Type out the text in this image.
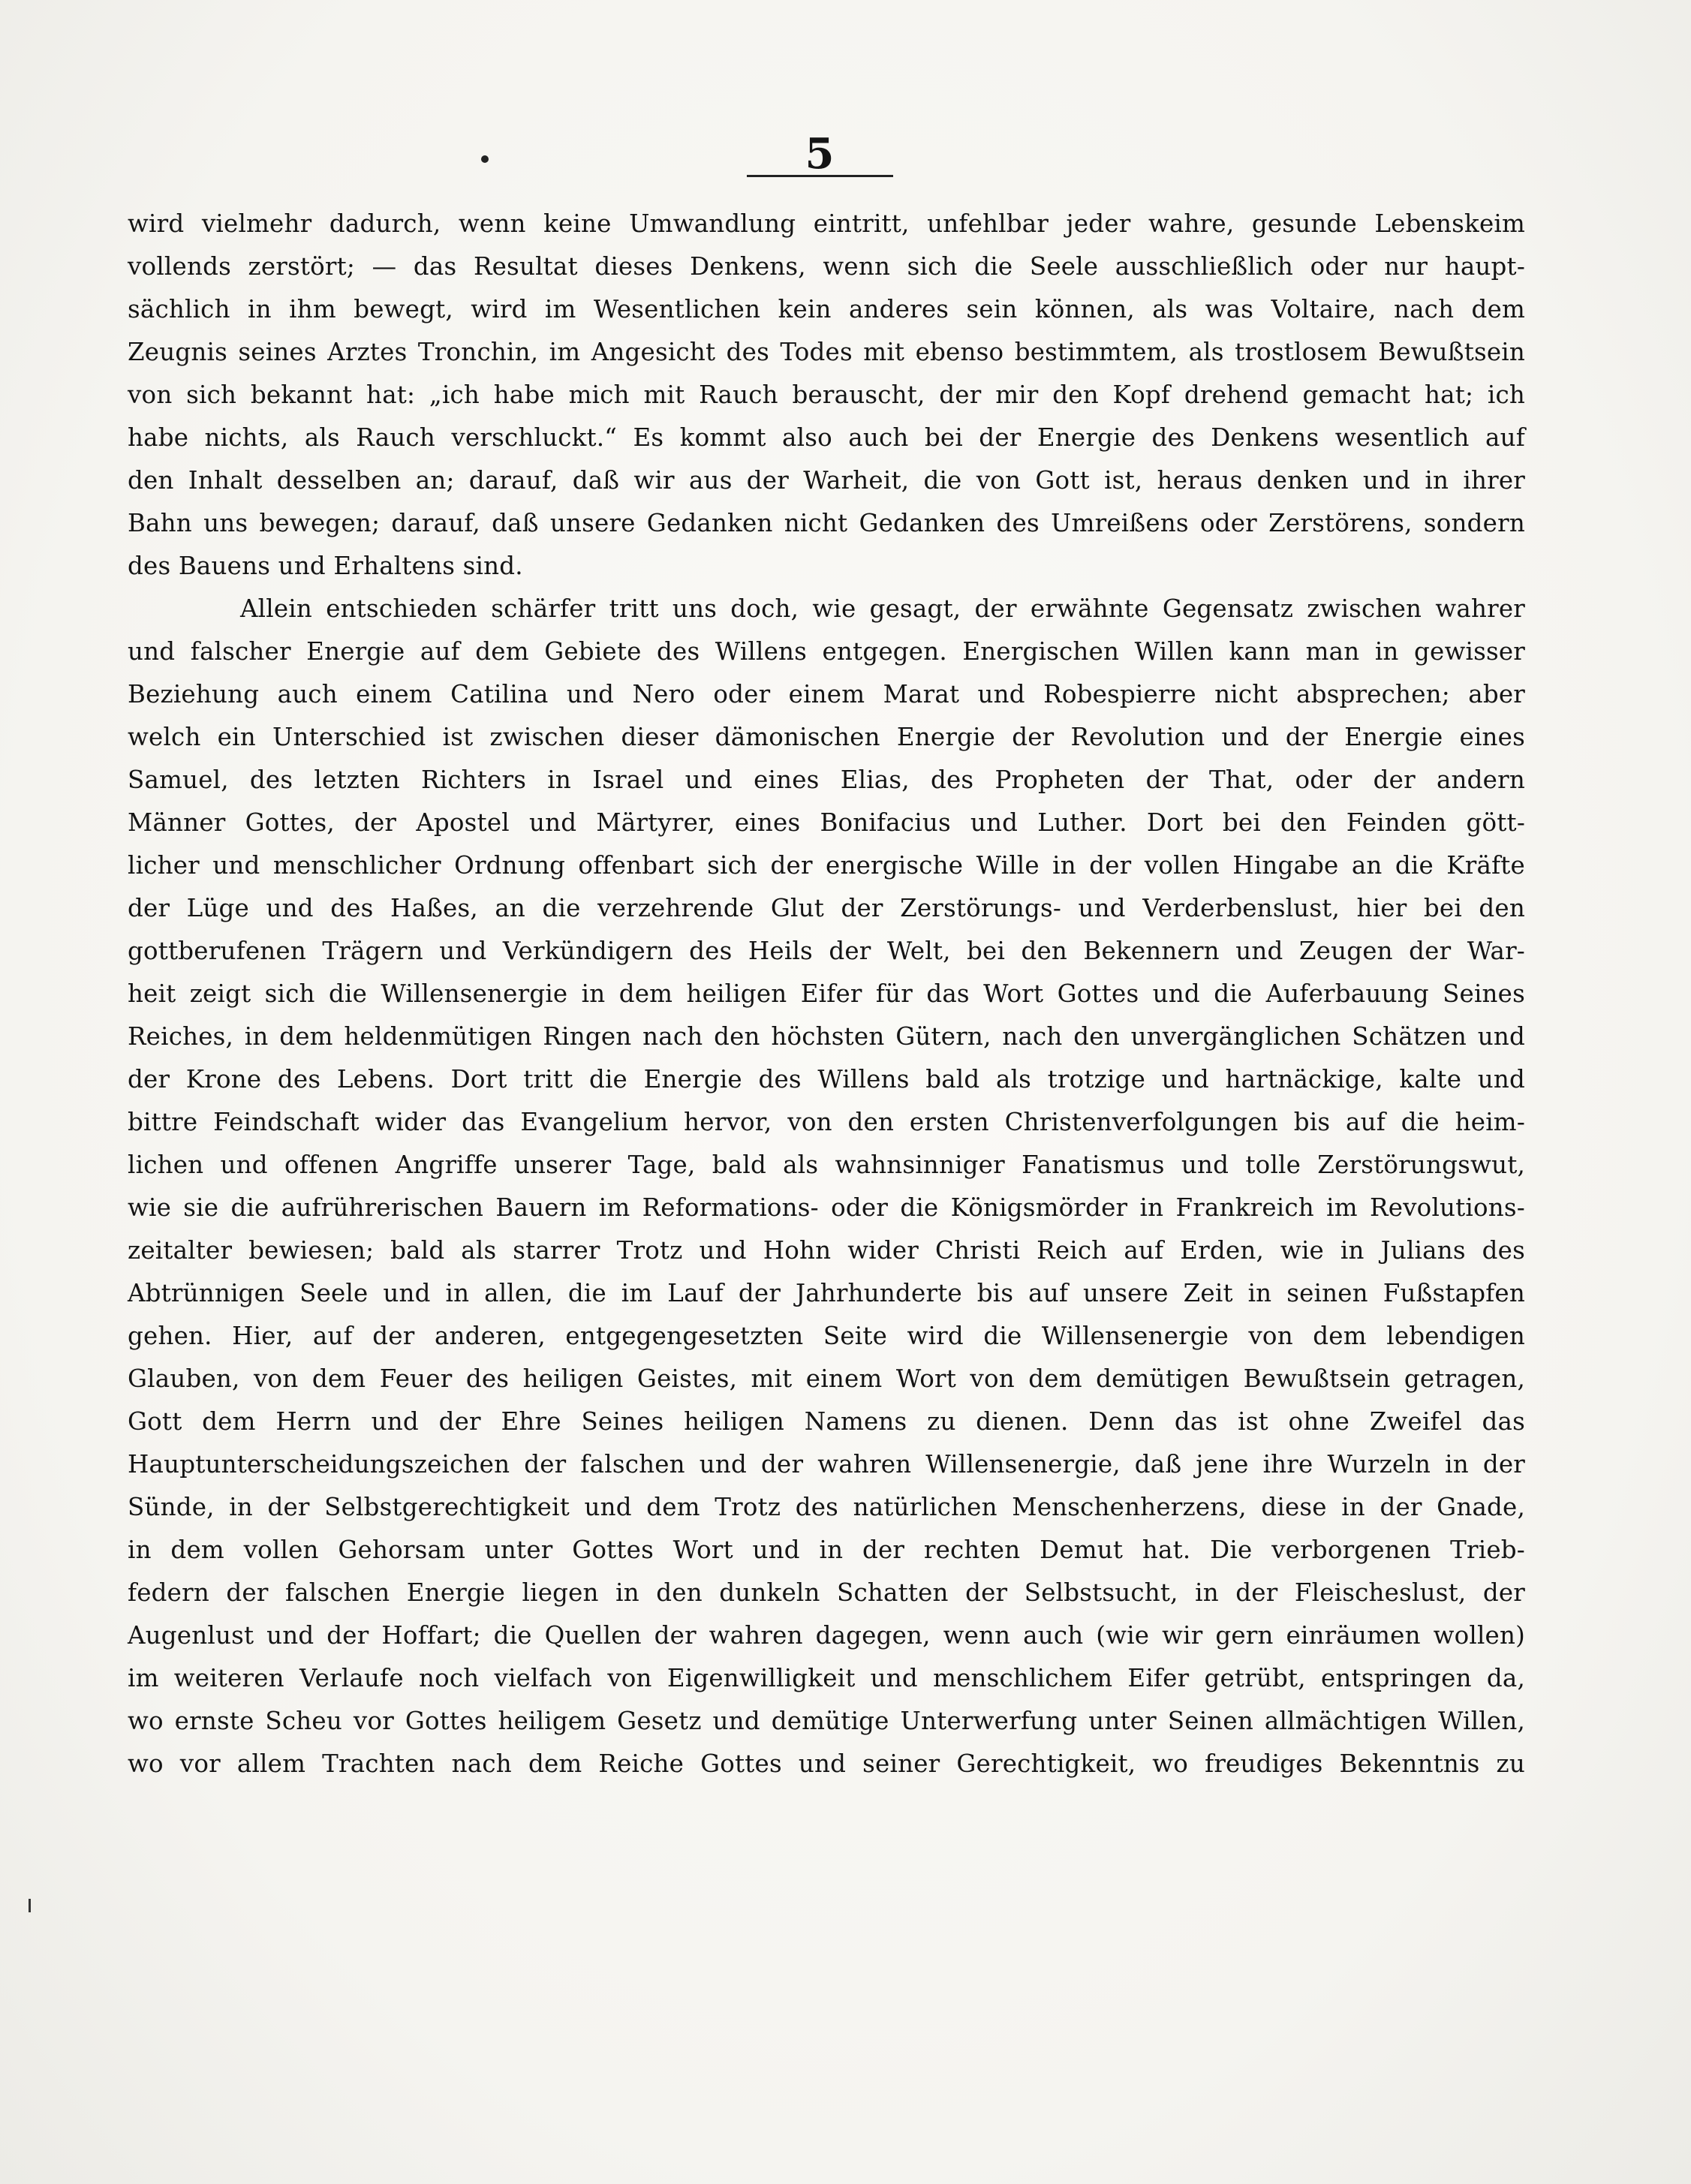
5
wird vielmehr dadurch, wenn keine Umwandlung eintritt, unfehlbar jeder wahre, gesunde Lebenskeim
vollends zerstört; — das Resultat dieses Denkens, wenn sich die Seele ausschließlich oder nur haupt-
sächlich in ihm bewegt, wird im Wesentlichen kein anderes sein können, als was Voltaire, nach dem
Zeugnis seines Arztes Tronchin, im Angesicht des Todes mit ebenso bestimmtem, als trostlosem Bewußtsein
von sich bekannt hat: „ich habe mich mit Rauch berauscht, der mir den Kopf drehend gemacht hat; ich
habe nichts, als Rauch verschluckt.“ Es kommt also auch bei der Energie des Denkens wesentlich auf
den Inhalt desselben an; darauf, daß wir aus der Warheit, die von Gott ist, heraus denken und in ihrer
Bahn uns bewegen; darauf, daß unsere Gedanken nicht Gedanken des Umreißens oder Zerstörens, sondern
des Bauens und Erhaltens sind.
Allein entschieden schärfer tritt uns doch, wie gesagt, der erwähnte Gegensatz zwischen wahrer
und falscher Energie auf dem Gebiete des Willens entgegen. Energischen Willen kann man in gewisser
Beziehung auch einem Catilina und Nero oder einem Marat und Robespierre nicht absprechen; aber
welch ein Unterschied ist zwischen dieser dämonischen Energie der Revolution und der Energie eines
Samuel, des letzten Richters in Israel und eines Elias, des Propheten der That, oder der andern
Männer Gottes, der Apostel und Märtyrer, eines Bonifacius und Luther. Dort bei den Feinden gött-
licher und menschlicher Ordnung offenbart sich der energische Wille in der vollen Hingabe an die Kräfte
der Lüge und des Haßes, an die verzehrende Glut der Zerstörungs- und Verderbenslust, hier bei den
gottberufenen Trägern und Verkündigern des Heils der Welt, bei den Bekennern und Zeugen der War-
heit zeigt sich die Willensenergie in dem heiligen Eifer für das Wort Gottes und die Auferbauung Seines
Reiches, in dem heldenmütigen Ringen nach den höchsten Gütern, nach den unvergänglichen Schätzen und
der Krone des Lebens. Dort tritt die Energie des Willens bald als trotzige und hartnäckige, kalte und
bittre Feindschaft wider das Evangelium hervor, von den ersten Christenverfolgungen bis auf die heim-
lichen und offenen Angriffe unserer Tage, bald als wahnsinniger Fanatismus und tolle Zerstörungswut,
wie sie die aufrührerischen Bauern im Reformations- oder die Königsmörder in Frankreich im Revolutions-
zeitalter bewiesen; bald als starrer Trotz und Hohn wider Christi Reich auf Erden, wie in Julians des
Abtrünnigen Seele und in allen, die im Lauf der Jahrhunderte bis auf unsere Zeit in seinen Fußstapfen
gehen. Hier, auf der anderen, entgegengesetzten Seite wird die Willensenergie von dem lebendigen
Glauben, von dem Feuer des heiligen Geistes, mit einem Wort von dem demütigen Bewußtsein getragen,
Gott dem Herrn und der Ehre Seines heiligen Namens zu dienen. Denn das ist ohne Zweifel das
Hauptunterscheidungszeichen der falschen und der wahren Willensenergie, daß jene ihre Wurzeln in der
Sünde, in der Selbstgerechtigkeit und dem Trotz des natürlichen Menschenherzens, diese in der Gnade,
in dem vollen Gehorsam unter Gottes Wort und in der rechten Demut hat. Die verborgenen Trieb-
federn der falschen Energie liegen in den dunkeln Schatten der Selbstsucht, in der Fleischeslust, der
Augenlust und der Hoffart; die Quellen der wahren dagegen, wenn auch (wie wir gern einräumen wollen)
im weiteren Verlaufe noch vielfach von Eigenwilligkeit und menschlichem Eifer getrübt, entspringen da,
wo ernste Scheu vor Gottes heiligem Gesetz und demütige Unterwerfung unter Seinen allmächtigen Willen,
wo vor allem Trachten nach dem Reiche Gottes und seiner Gerechtigkeit, wo freudiges Bekenntnis zu
